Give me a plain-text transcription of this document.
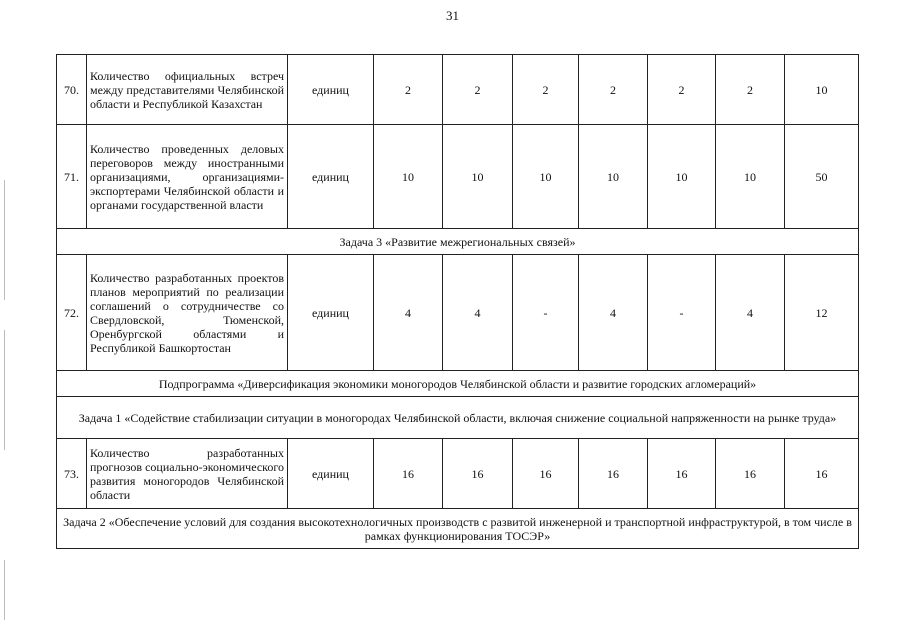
31
70.	Количество официальных встреч между представителями Челябинской области и Республикой Казахстан	единиц	2	2	2	2	2	2	10
71.	Количество проведенных деловых переговоров между иностранными организациями, организациями-экспортерами Челябинской области и органами государственной власти	единиц	10	10	10	10	10	10	50
Задача 3 «Развитие межрегиональных связей»									
72.	Количество разработанных проектов планов мероприятий по реализации соглашений о сотрудничестве со Свердловской, Тюменской, Оренбургской областями и Республикой Башкортостан	единиц	4	4	-	4	-	4	12
Подпрограмма «Диверсификация экономики моногородов Челябинской области и развитие городских агломераций»									
Задача 1 «Содействие стабилизации ситуации в моногородах Челябинской области, включая снижение социальной напряженности на рынке труда»									
73.	Количество разработанных прогнозов социально-экономического развития моногородов Челябинской области	единиц	16	16	16	16	16	16	16
Задача 2 «Обеспечение условий для создания высокотехнологичных производств с развитой инженерной и транспортной инфраструктурой, в том числе в рамках функционирования ТОСЭР»									
